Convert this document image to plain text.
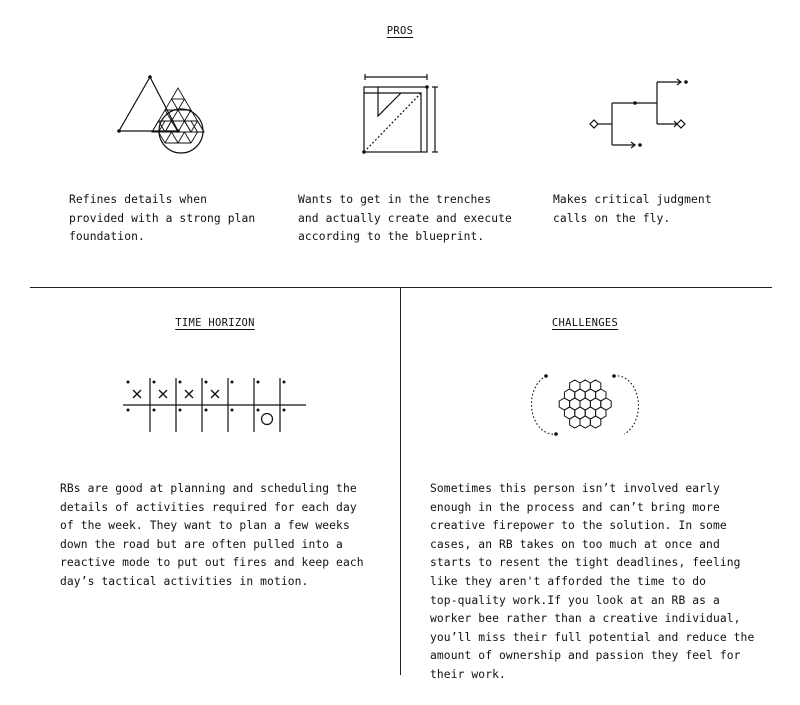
PROS
Refines details when
provided with a strong plan
foundation.
Wants to get in the trenches
and actually create and execute
according to the blueprint.
Makes critical judgment
calls on the fly.
TIME HORIZON
RBs are good at planning and scheduling the
details of activities required for each day
of the week. They want to plan a few weeks
down the road but are often pulled into a
reactive mode to put out fires and keep each
day’s tactical activities in motion.
CHALLENGES
Sometimes this person isn’t involved early
enough in the process and can’t bring more
creative firepower to the solution. In some
cases, an RB takes on too much at once and
starts to resent the tight deadlines, feeling
like they aren't afforded the time to do
top-quality work.If you look at an RB as a
worker bee rather than a creative individual,
you’ll miss their full potential and reduce the
amount of ownership and passion they feel for
their work.
